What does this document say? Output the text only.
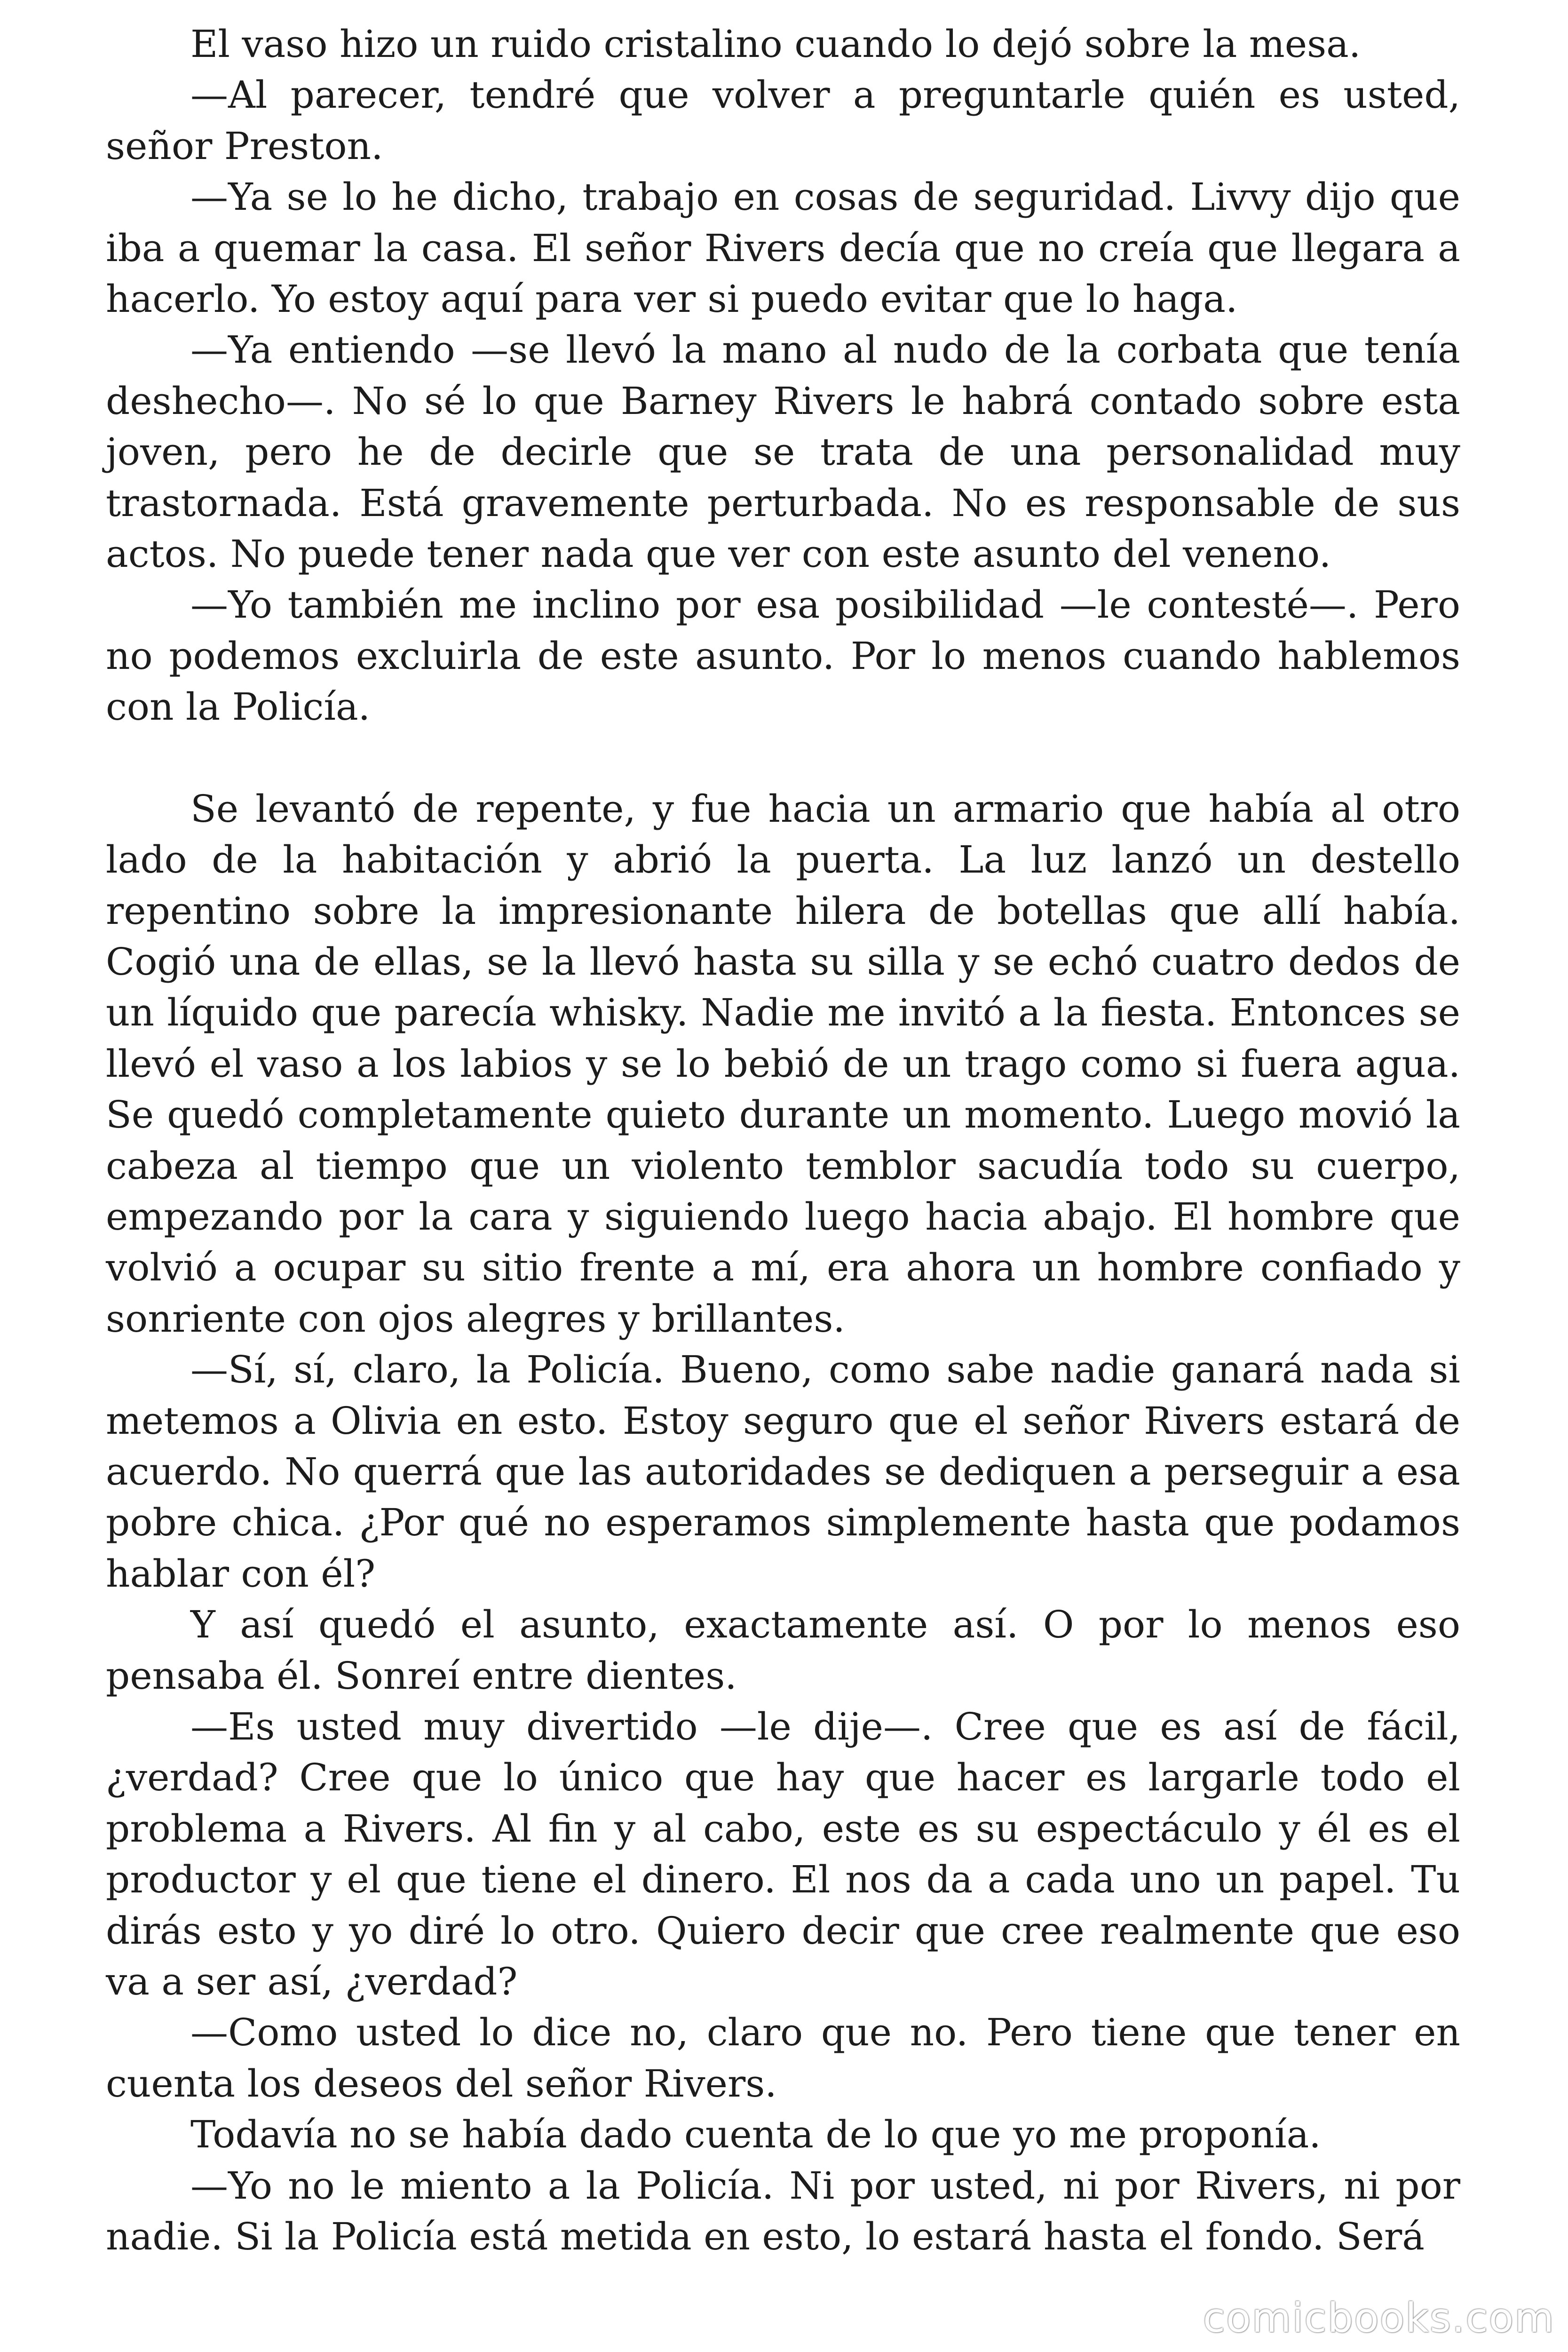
El vaso hizo un ruido cristalino cuando lo dejó sobre la mesa.

—Al parecer, tendré que volver a preguntarle quién es usted, señor Preston.

—Ya se lo he dicho, trabajo en cosas de seguridad. Livvy dijo que iba a quemar la casa. El señor Rivers decía que no creía que llegara a hacerlo. Yo estoy aquí para ver si puedo evitar que lo haga.

—Ya entiendo —se llevó la mano al nudo de la corbata que tenía deshecho—. No sé lo que Barney Rivers le habrá contado sobre esta joven, pero he de decirle que se trata de una personalidad muy trastornada. Está gravemente perturbada. No es responsable de sus actos. No puede tener nada que ver con este asunto del veneno.

—Yo también me inclino por esa posibilidad —le contesté—. Pero no podemos excluirla de este asunto. Por lo menos cuando hablemos con la Policía.

Se levantó de repente, y fue hacia un armario que había al otro lado de la habitación y abrió la puerta. La luz lanzó un destello repentino sobre la impresionante hilera de botellas que allí había. Cogió una de ellas, se la llevó hasta su silla y se echó cuatro dedos de un líquido que parecía whisky. Nadie me invitó a la fiesta. Entonces se llevó el vaso a los labios y se lo bebió de un trago como si fuera agua. Se quedó completamente quieto durante un momento. Luego movió la cabeza al tiempo que un violento temblor sacudía todo su cuerpo, empezando por la cara y siguiendo luego hacia abajo. El hombre que volvió a ocupar su sitio frente a mí, era ahora un hombre confiado y sonriente con ojos alegres y brillantes.

—Sí, sí, claro, la Policía. Bueno, como sabe nadie ganará nada si metemos a Olivia en esto. Estoy seguro que el señor Rivers estará de acuerdo. No querrá que las autoridades se dediquen a perseguir a esa pobre chica. ¿Por qué no esperamos simplemente hasta que podamos hablar con él?

Y así quedó el asunto, exactamente así. O por lo menos eso pensaba él. Sonreí entre dientes.

—Es usted muy divertido —le dije—. Cree que es así de fácil, ¿verdad? Cree que lo único que hay que hacer es largarle todo el problema a Rivers. Al fin y al cabo, este es su espectáculo y él es el productor y el que tiene el dinero. El nos da a cada uno un papel. Tu dirás esto y yo diré lo otro. Quiero decir que cree realmente que eso va a ser así, ¿verdad?

—Como usted lo dice no, claro que no. Pero tiene que tener en cuenta los deseos del señor Rivers.

Todavía no se había dado cuenta de lo que yo me proponía.

—Yo no le miento a la Policía. Ni por usted, ni por Rivers, ni por nadie. Si la Policía está metida en esto, lo estará hasta el fondo. Será

comicbooks.com
